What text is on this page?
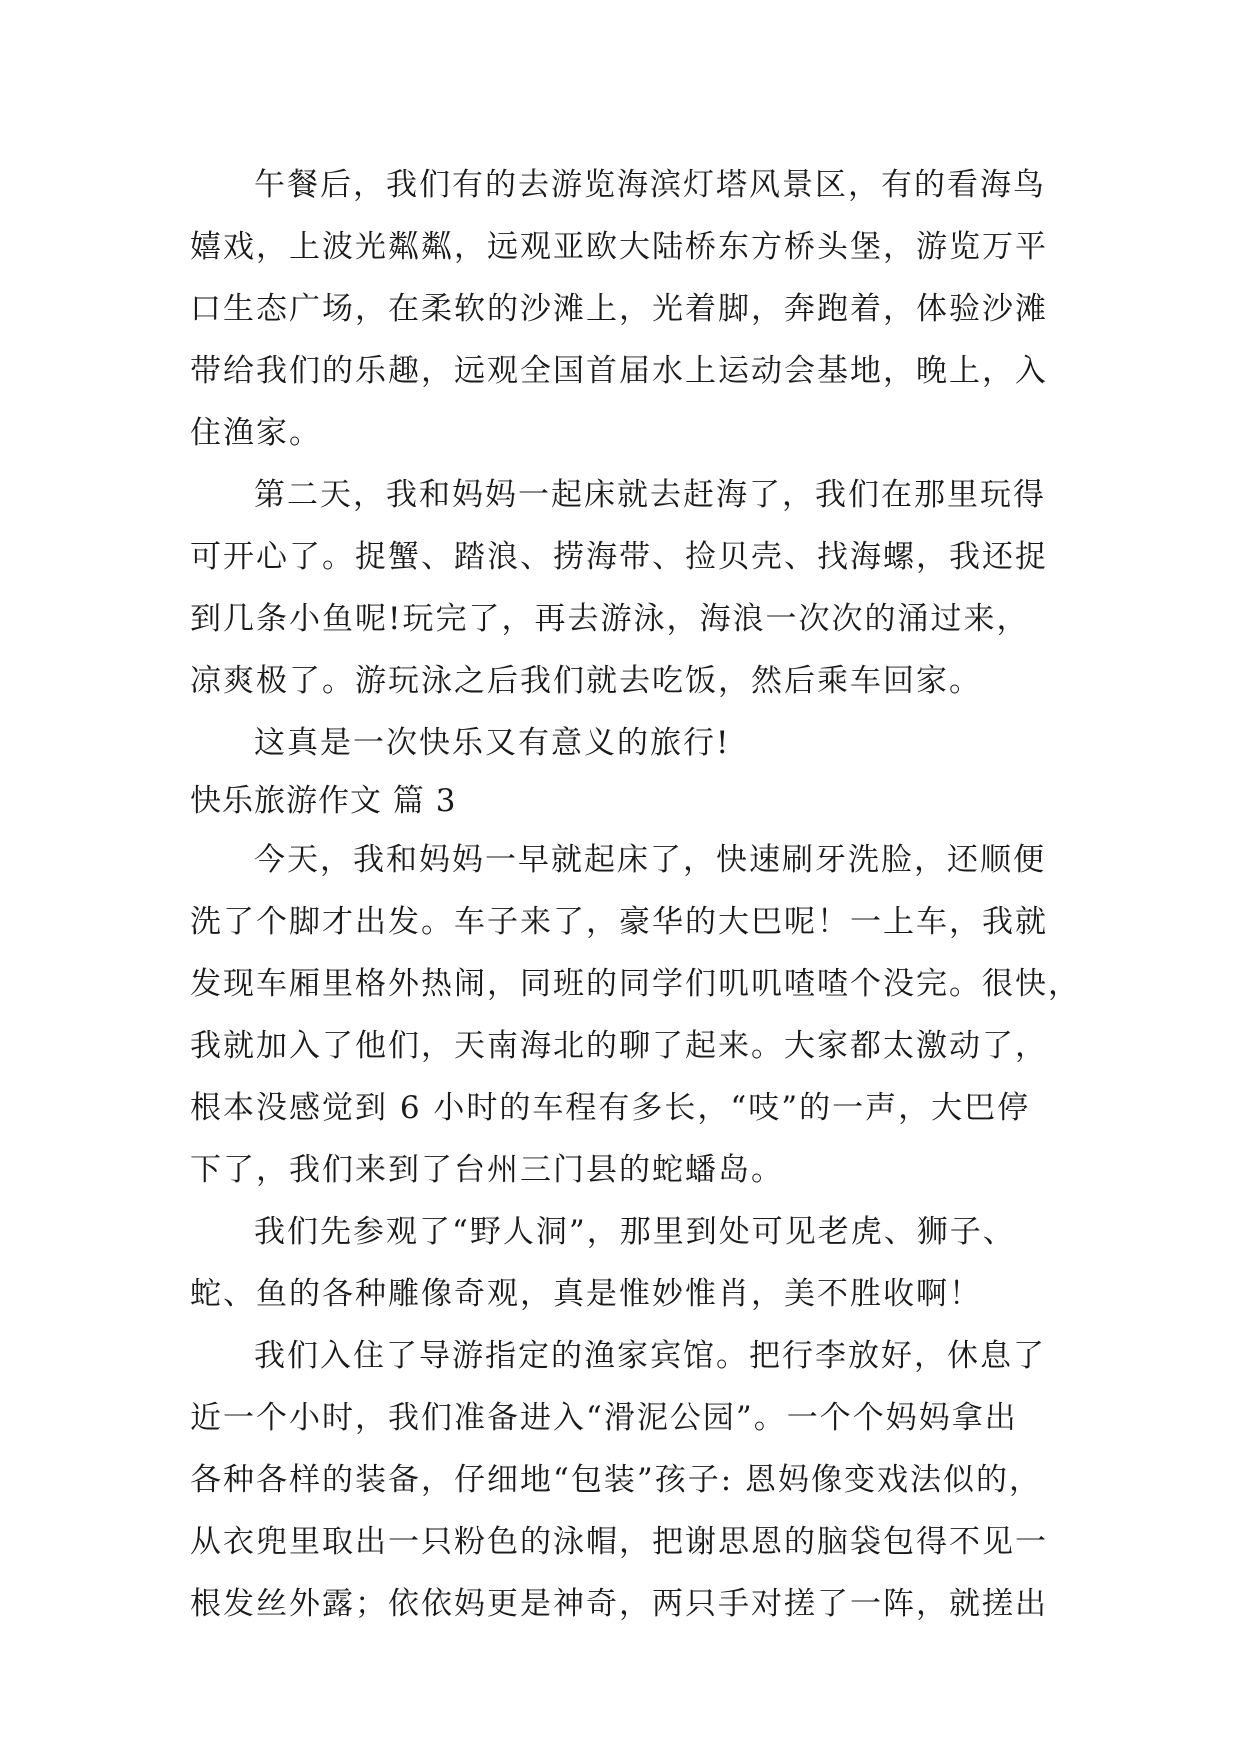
午餐后，我们有的去游览海滨灯塔风景区，有的看海鸟
嬉戏，上波光粼粼，远观亚欧大陆桥东方桥头堡，游览万平
口生态广场，在柔软的沙滩上，光着脚，奔跑着，体验沙滩
带给我们的乐趣，远观全国首届水上运动会基地，晚上，入
住渔家。
第二天，我和妈妈一起床就去赶海了，我们在那里玩得
可开心了。捉蟹、踏浪、捞海带、捡贝壳、找海螺，我还捉
到几条小鱼呢!玩完了，再去游泳，海浪一次次的涌过来，
凉爽极了。游玩泳之后我们就去吃饭，然后乘车回家。
这真是一次快乐又有意义的旅行!
快乐旅游作文 篇 3
今天，我和妈妈一早就起床了，快速刷牙洗脸，还顺便
洗了个脚才出发。车子来了，豪华的大巴呢！一上车，我就
发现车厢里格外热闹，同班的同学们叽叽喳喳个没完。很快，
我就加入了他们，天南海北的聊了起来。大家都太激动了，
根本没感觉到 6 小时的车程有多长，“吱”的一声，大巴停
下了，我们来到了台州三门县的蛇蟠岛。
我们先参观了“野人洞”，那里到处可见老虎、狮子、
蛇、鱼的各种雕像奇观，真是惟妙惟肖，美不胜收啊！
我们入住了导游指定的渔家宾馆。把行李放好，休息了
近一个小时，我们准备进入“滑泥公园”。一个个妈妈拿出
各种各样的装备，仔细地“包装”孩子: 恩妈像变戏法似的，
从衣兜里取出一只粉色的泳帽，把谢思恩的脑袋包得不见一
根发丝外露；依依妈更是神奇，两只手对搓了一阵，就搓出
